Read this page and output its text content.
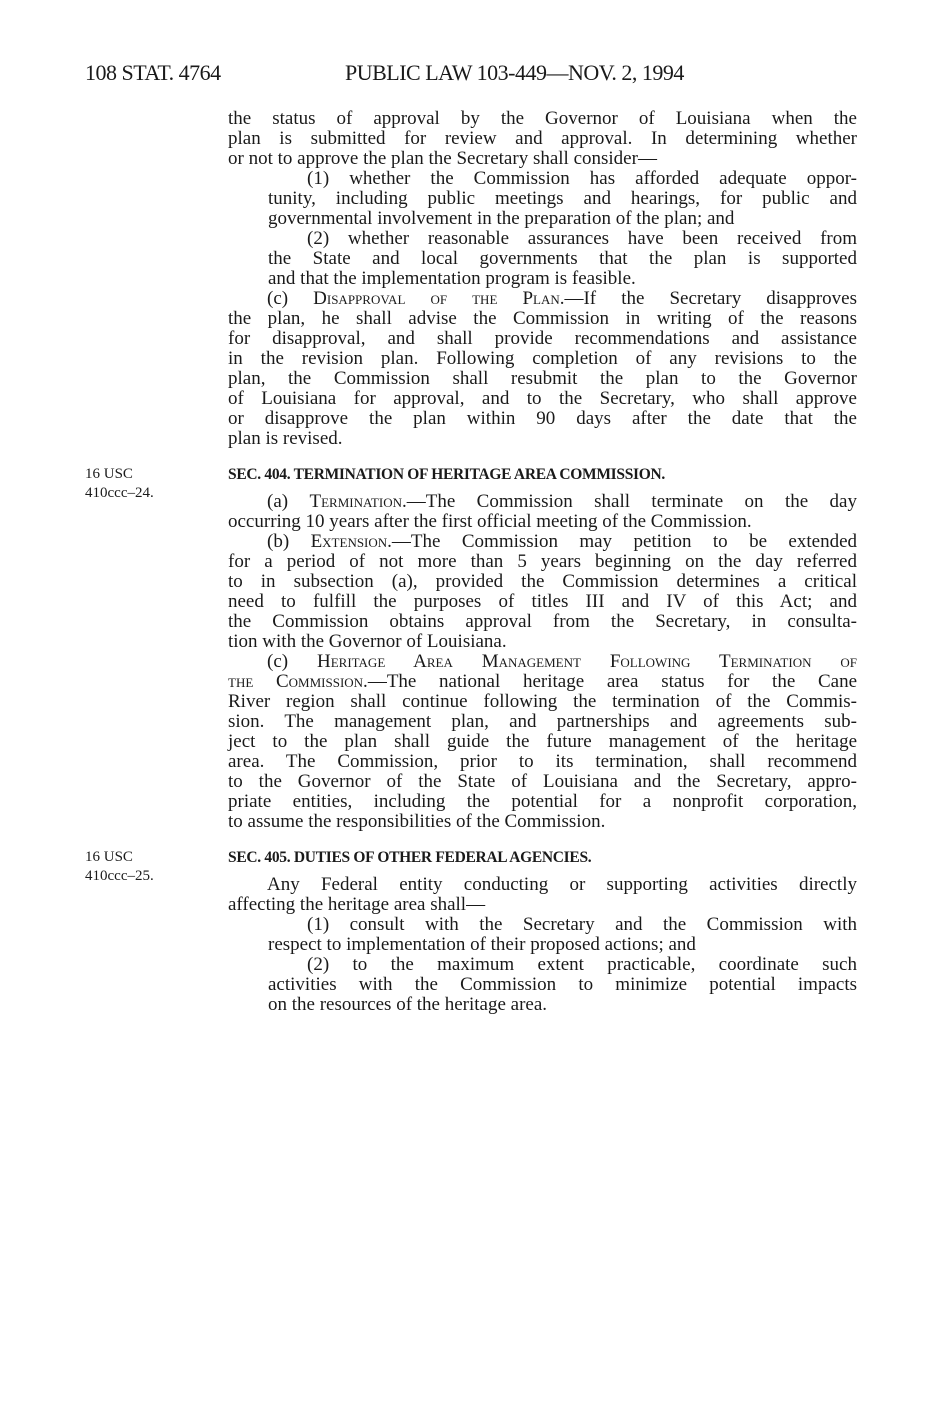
108 STAT. 4764	PUBLIC LAW 103-449—NOV. 2, 1994
the status of approval by the Governor of Louisiana when the
plan is submitted for review and approval. In determining whether
or not to approve the plan the Secretary shall consider—
(1) whether the Commission has afforded adequate oppor-
tunity, including public meetings and hearings, for public and
governmental involvement in the preparation of the plan; and
(2) whether reasonable assurances have been received from
the State and local governments that the plan is supported
and that the implementation program is feasible.
(c) Disapproval of the Plan.—If the Secretary disapproves
the plan, he shall advise the Commission in writing of the reasons
for disapproval, and shall provide recommendations and assistance
in the revision plan. Following completion of any revisions to the
plan, the Commission shall resubmit the plan to the Governor
of Louisiana for approval, and to the Secretary, who shall approve
or disapprove the plan within 90 days after the date that the
plan is revised.
SEC. 404. TERMINATION OF HERITAGE AREA COMMISSION.
16 USC
410ccc–24.	(a) Termination.—The Commission shall terminate on the day
occurring 10 years after the first official meeting of the Commission.
(b) Extension.—The Commission may petition to be extended
for a period of not more than 5 years beginning on the day referred
to in subsection (a), provided the Commission determines a critical
need to fulfill the purposes of titles III and IV of this Act; and
the Commission obtains approval from the Secretary, in consulta-
tion with the Governor of Louisiana.
(c) Heritage Area Management Following Termination of
the Commission.—The national heritage area status for the Cane
River region shall continue following the termination of the Commis-
sion. The management plan, and partnerships and agreements sub-
ject to the plan shall guide the future management of the heritage
area. The Commission, prior to its termination, shall recommend
to the Governor of the State of Louisiana and the Secretary, appro-
priate entities, including the potential for a nonprofit corporation,
to assume the responsibilities of the Commission.
SEC. 405. DUTIES OF OTHER FEDERAL AGENCIES.
16 USC
410ccc–25.	Any Federal entity conducting or supporting activities directly
affecting the heritage area shall—
(1) consult with the Secretary and the Commission with
respect to implementation of their proposed actions; and
(2) to the maximum extent practicable, coordinate such
activities with the Commission to minimize potential impacts
on the resources of the heritage area.
